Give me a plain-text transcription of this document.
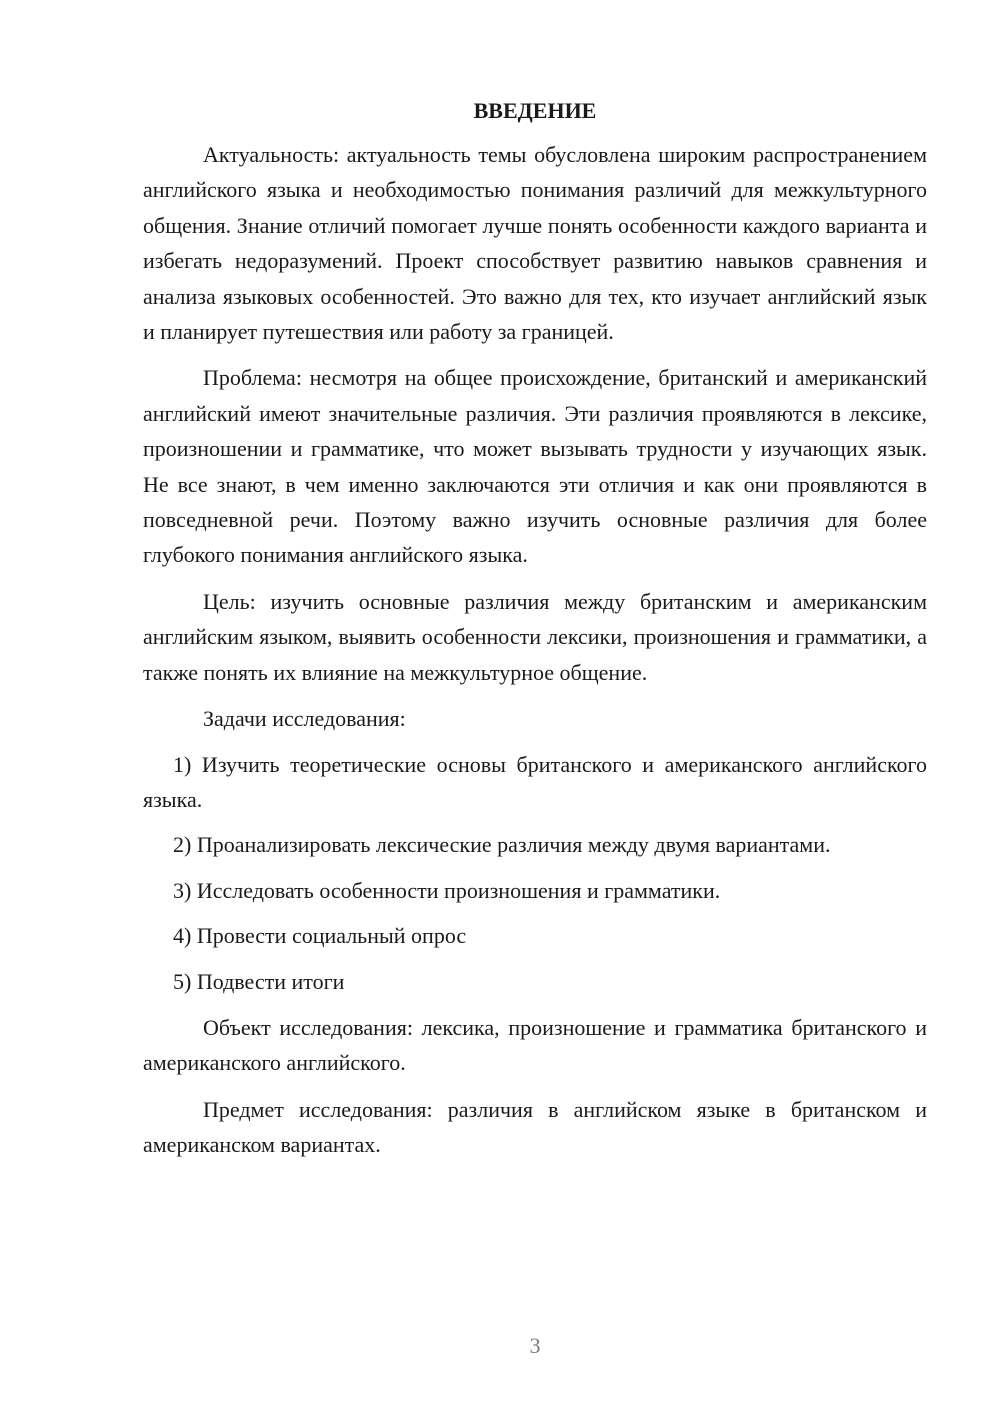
ВВЕДЕНИЕ

Актуальность: актуальность темы обусловлена широким распространением английского языка и необходимостью понимания различий для межкультурного общения. Знание отличий помогает лучше понять особенности каждого варианта и избегать недоразумений. Проект способствует развитию навыков сравнения и анализа языковых особенностей. Это важно для тех, кто изучает английский язык и планирует путешествия или работу за границей.

Проблема: несмотря на общее происхождение, британский и американский английский имеют значительные различия. Эти различия проявляются в лексике, произношении и грамматике, что может вызывать трудности у изучающих язык. Не все знают, в чем именно заключаются эти отличия и как они проявляются в повседневной речи. Поэтому важно изучить основные различия для более глубокого понимания английского языка.

Цель: изучить основные различия между британским и американским английским языком, выявить особенности лексики, произношения и грамматики, а также понять их влияние на межкультурное общение.

Задачи исследования:

1) Изучить теоретические основы британского и американского английского языка.

2) Проанализировать лексические различия между двумя вариантами.

3) Исследовать особенности произношения и грамматики.

4) Провести социальный опрос

5) Подвести итоги

Объект исследования: лексика, произношение и грамматика британского и американского английского.

Предмет исследования: различия в английском языке в британском и американском вариантах.

3
